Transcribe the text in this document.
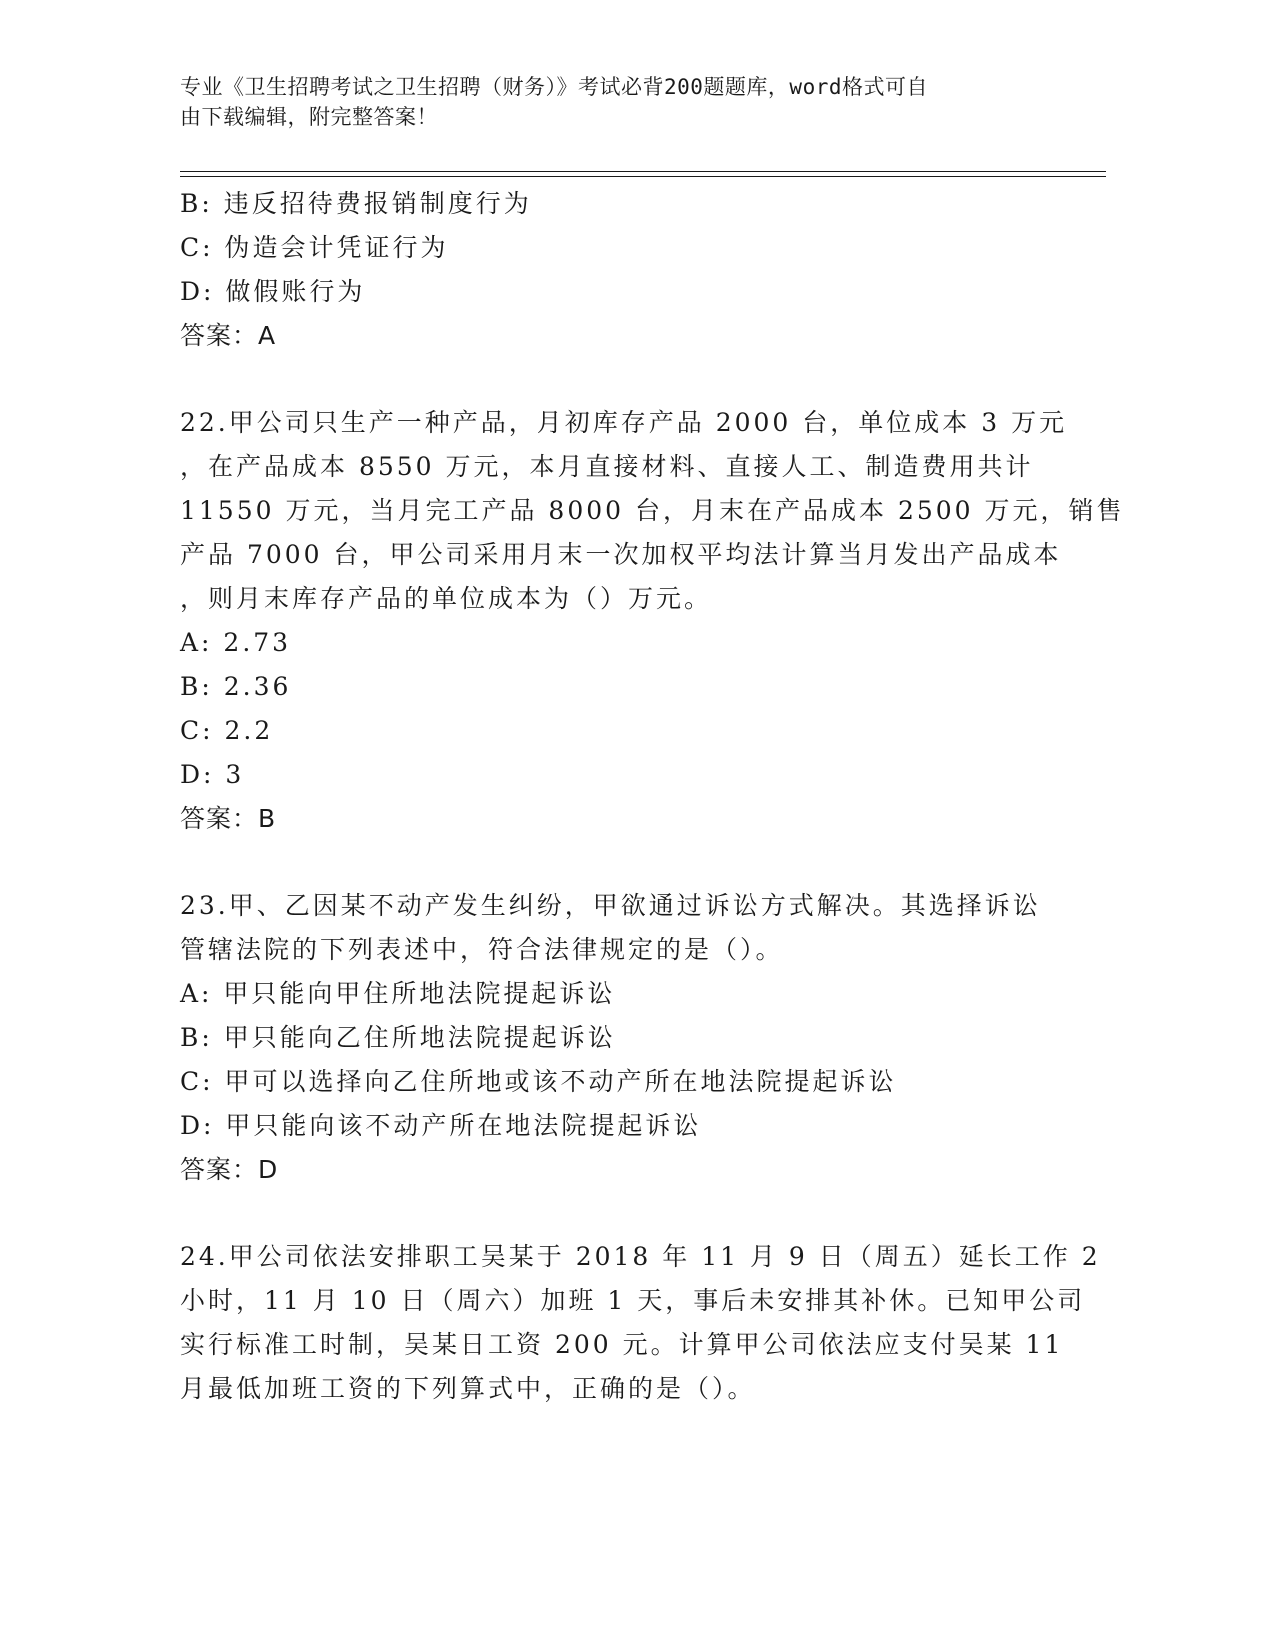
专业《卫生招聘考试之卫生招聘（财务）》考试必背200题题库，word格式可自
由下载编辑，附完整答案！
B: 违反招待费报销制度行为
C: 伪造会计凭证行为
D: 做假账行为
答案：A
22.甲公司只生产一种产品，月初库存产品 2000 台，单位成本 3 万元
，在产品成本 8550 万元，本月直接材料、直接人工、制造费用共计
11550 万元，当月完工产品 8000 台，月末在产品成本 2500 万元，销售
产品 7000 台，甲公司采用月末一次加权平均法计算当月发出产品成本
，则月末库存产品的单位成本为（）万元。
A: 2.73
B: 2.36
C: 2.2
D: 3
答案：B
23.甲、乙因某不动产发生纠纷，甲欲通过诉讼方式解决。其选择诉讼
管辖法院的下列表述中，符合法律规定的是（）。
A: 甲只能向甲住所地法院提起诉讼
B: 甲只能向乙住所地法院提起诉讼
C: 甲可以选择向乙住所地或该不动产所在地法院提起诉讼
D: 甲只能向该不动产所在地法院提起诉讼
答案：D
24.甲公司依法安排职工吴某于 2018 年 11 月 9 日（周五）延长工作 2
小时，11 月 10 日（周六）加班 1 天，事后未安排其补休。已知甲公司
实行标准工时制，吴某日工资 200 元。计算甲公司依法应支付吴某 11
月最低加班工资的下列算式中，正确的是（）。
